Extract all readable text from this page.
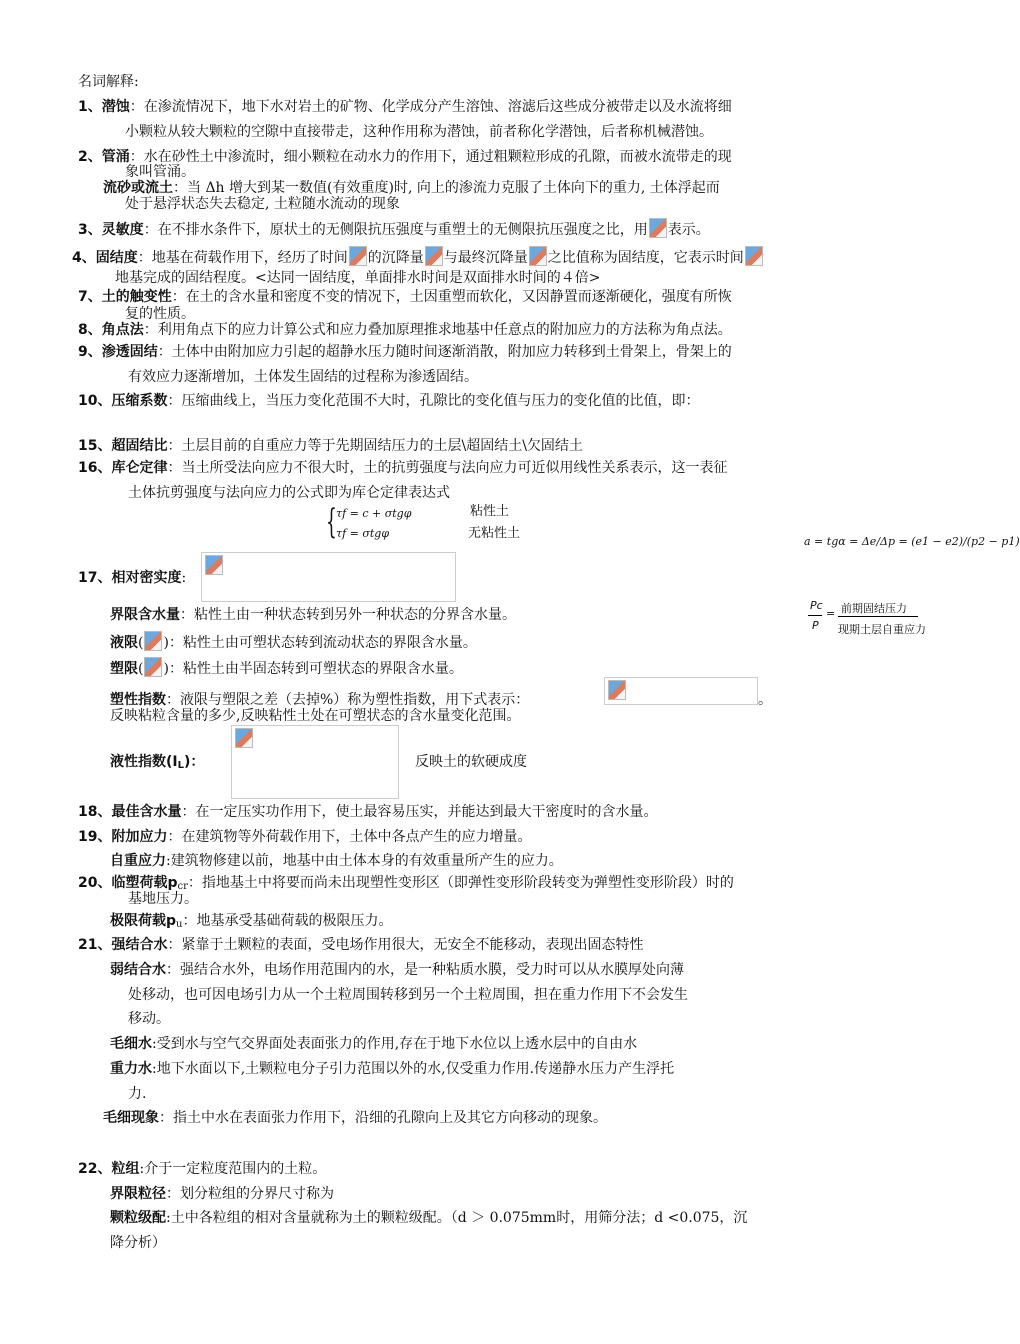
名词解释:
1、潜蚀：在渗流情况下，地下水对岩土的矿物、化学成分产生溶蚀、溶滤后这些成分被带走以及水流将细
小颗粒从较大颗粒的空隙中直接带走，这种作用称为潜蚀，前者称化学潜蚀，后者称机械潜蚀。
2、管涌：水在砂性土中渗流时，细小颗粒在动水力的作用下，通过粗颗粒形成的孔隙，而被水流带走的现
象叫管涌。
流砂或流土：当 Δh 增大到某一数值(有效重度)时, 向上的渗流力克服了土体向下的重力, 土体浮起而
处于悬浮状态失去稳定, 土粒随水流动的现象
3、灵敏度：在不排水条件下，原状土的无侧限抗压强度与重塑土的无侧限抗压强度之比，用 表示。
4、固结度：地基在荷载作用下，经历了时间 的沉降量 与最终沉降量 之比值称为固结度，它表示时间
地基完成的固结程度。<达同一固结度，单面排水时间是双面排水时间的４倍>
7、土的触变性：在土的含水量和密度不变的情况下，土因重塑而软化，又因静置而逐渐硬化，强度有所恢
复的性质。
8、角点法：利用角点下的应力计算公式和应力叠加原理推求地基中任意点的附加应力的方法称为角点法。
9、渗透固结：土体中由附加应力引起的超静水压力随时间逐渐消散，附加应力转移到土骨架上，骨架上的
有效应力逐渐增加，土体发生固结的过程称为渗透固结。
10、压缩系数：压缩曲线上，当压力变化范围不大时，孔隙比的变化值与压力的变化值的比值，即：
15、超固结比：土层目前的自重应力等于先期固结压力的土层\超固结土\欠固结土
16、库仑定律：当土所受法向应力不很大时，土的抗剪强度与法向应力可近似用线性关系表示，这一表征
土体抗剪强度与法向应力的公式即为库仑定律表达式
{ τf = c + σtgφ
τf = σtgφ
粘性土
无粘性土
a = tgα = Δe/Δp = (e1 − e2)/(p2 − p1)
17、相对密实度:
Pc
P
= 前期固结压力
现期土层自重应力
界限含水量：粘性土由一种状态转到另外一种状态的分界含水量。
液限( )：粘性土由可塑状态转到流动状态的界限含水量。
塑限( )：粘性土由半固态转到可塑状态的界限含水量。
塑性指数：液限与塑限之差（去掉%）称为塑性指数，用下式表示：	。
反映粘粒含量的多少,反映粘性土处在可塑状态的含水量变化范围。
液性指数(IL)：	反映土的软硬成度
18、最佳含水量：在一定压实功作用下，使土最容易压实，并能达到最大干密度时的含水量。
19、附加应力：在建筑物等外荷载作用下，土体中各点产生的应力增量。
自重应力:建筑物修建以前，地基中由土体本身的有效重量所产生的应力。
20、临塑荷载pcr：指地基土中将要而尚未出现塑性变形区（即弹性变形阶段转变为弹塑性变形阶段）时的
基地压力。
极限荷载pu：地基承受基础荷载的极限压力。
21、强结合水：紧靠于土颗粒的表面，受电场作用很大，无安全不能移动，表现出固态特性
弱结合水：强结合水外，电场作用范围内的水，是一种粘质水膜，受力时可以从水膜厚处向薄
处移动，也可因电场引力从一个土粒周围转移到另一个土粒周围，担在重力作用下不会发生
移动。
毛细水:受到水与空气交界面处表面张力的作用,存在于地下水位以上透水层中的自由水
重力水:地下水面以下,土颗粒电分子引力范围以外的水,仅受重力作用.传递静水压力产生浮托
力.
毛细现象：指土中水在表面张力作用下，沿细的孔隙向上及其它方向移动的现象。
22、粒组:介于一定粒度范围内的土粒。
界限粒径：划分粒组的分界尺寸称为
颗粒级配:土中各粒组的相对含量就称为土的颗粒级配。（d ＞ 0.075mm时，用筛分法；d <0.075，沉
降分析）
